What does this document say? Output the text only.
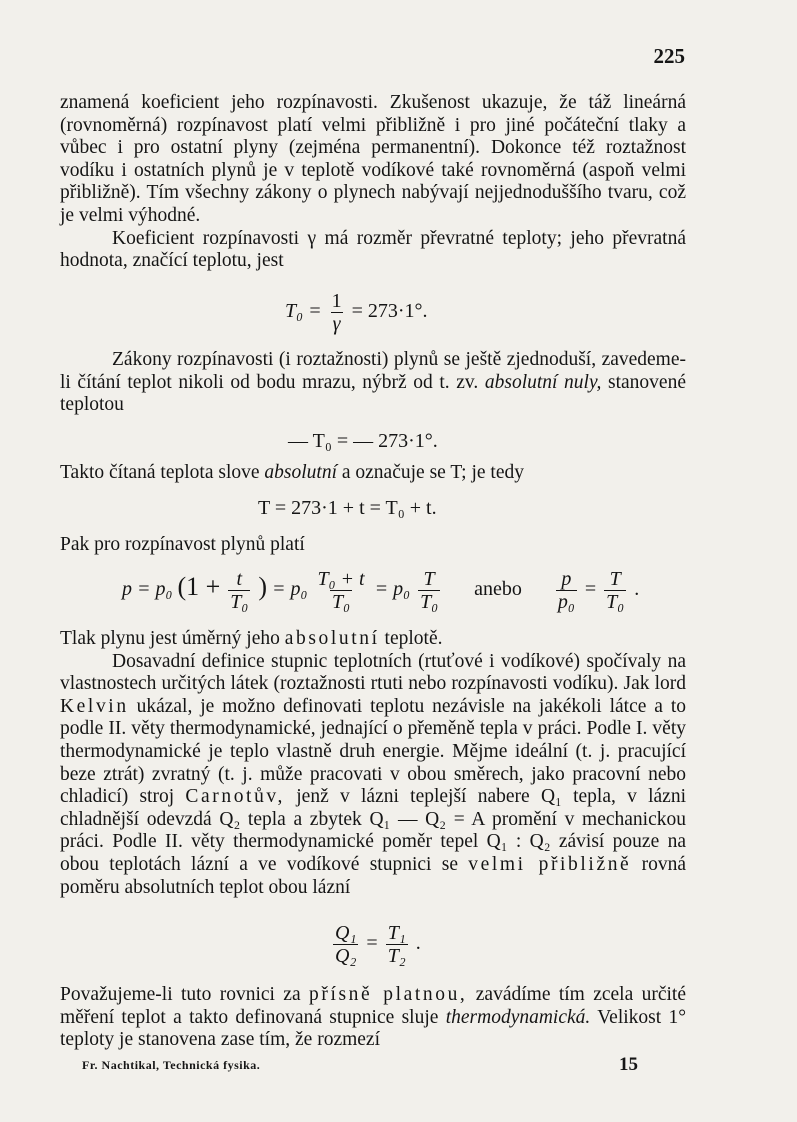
225

znamená koeficient jeho rozpínavosti. Zkušenost ukazuje, že táž lineárná (rovnoměrná) rozpínavost platí velmi přibližně i pro jiné počáteční tlaky a vůbec i pro ostatní plyny (zejména permanentní). Dokonce též roztažnost vodíku i ostatních plynů je v teplotě vodíkové také rovnoměrná (aspoň velmi přibližně). Tím všechny zákony o plynech nabývají nejjednoduššího tvaru, což je velmi výhodné.

Koeficient rozpínavosti γ má rozměr převratné teploty; jeho převratná hodnota, značící teplotu, jest

$T_0 = \frac{1}{\gamma} = 273\cdot 1^\circ$.

Zákony rozpínavosti (i roztažnosti) plynů se ještě zjednoduší, zavedeme-li čítání teplot nikoli od bodu mrazu, nýbrž od t. zv. absolutní nuly, stanovené teplotou

— T₀ = — 273·1°.

Takto čítaná teplota slove absolutní a označuje se T; je tedy

T = 273·1 + t = T₀ + t.

Pak pro rozpínavost plynů platí

p = p₀ ($1 + \frac{t}{\text{T₀}}$ ) = $p_0 \frac{\text{T₀ + t}}{\text{T₀}} = p_0 \frac{T}{\text{T₀}}$ anebo $\frac{p}{\text{p₀}} = \frac{T}{\text{T₀}}$ .

Tlak plynu jest úměrný jeho absolutní teplotě.

Dosavadní definice stupnic teplotních (rtuťové i vodíkové) spočívaly na vlastnostech určitých látek (roztažnosti rtuti nebo rozpínavosti vodíku). Jak lord Kelvin ukázal, je možno definovati teplotu nezávisle na jakékoli látce a to podle II. věty thermodynamické, jednající o přeměně tepla v práci. Podle I. věty thermodynamické je teplo vlastně druh energie. Mějme ideální (t. j. pracující beze ztrát) zvratný (t. j. může pracovati v obou směrech, jako pracovní nebo chladicí) stroj Carnotův, jenž v lázni teplejší nabere Q₁ tepla, v lázni chladnější odevzdá Q₂ tepla a zbytek Q₁ — Q₂ = A promění v mechanickou práci. Podle II. věty thermodynamické poměr tepel Q₁ : Q₂ závisí pouze na obou teplotách lázní a ve vodíkové stupnici se velmi přibližně rovná poměru absolutních teplot obou lázní

$\frac{\text{Q₁}}{\text{Q₂}} = \frac{\text{T₁}}{\text{T₂}}$ .

Považujeme-li tuto rovnici za přísně platnou, zavádíme tím zcela určité měření teplot a takto definovaná stupnice sluje thermodynamická. Velikost 1° teploty je stanovena zase tím, že rozmezí

Fr. Nachtikal, Technická fysika.	15
